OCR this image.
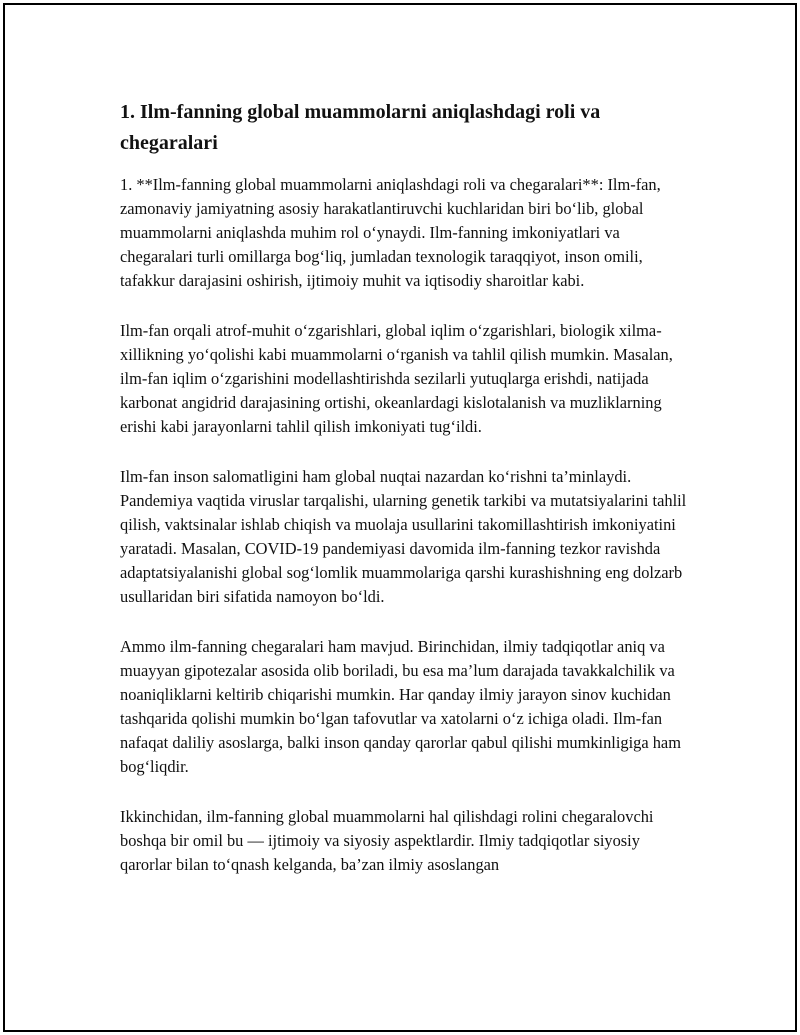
1. Ilm-fanning global muammolarni aniqlashdagi roli va chegaralari

1. **Ilm-fanning global muammolarni aniqlashdagi roli va chegaralari**: Ilm-fan, zamonaviy jamiyatning asosiy harakatlantiruvchi kuchlaridan biri bo‘lib, global muammolarni aniqlashda muhim rol o‘ynaydi. Ilm-fanning imkoniyatlari va chegaralari turli omillarga bog‘liq, jumladan texnologik taraqqiyot, inson omili, tafakkur darajasini oshirish, ijtimoiy muhit va iqtisodiy sharoitlar kabi.

Ilm-fan orqali atrof-muhit o‘zgarishlari, global iqlim o‘zgarishlari, biologik xilma-xillikning yo‘qolishi kabi muammolarni o‘rganish va tahlil qilish mumkin. Masalan, ilm-fan iqlim o‘zgarishini modellashtirishda sezilarli yutuqlarga erishdi, natijada karbonat angidrid darajasining ortishi, okeanlardagi kislotalanish va muzliklarning erishi kabi jarayonlarni tahlil qilish imkoniyati tug‘ildi.

Ilm-fan inson salomatligini ham global nuqtai nazardan ko‘rishni ta’minlaydi. Pandemiya vaqtida viruslar tarqalishi, ularning genetik tarkibi va mutatsiyalarini tahlil qilish, vaktsinalar ishlab chiqish va muolaja usullarini takomillashtirish imkoniyatini yaratadi. Masalan, COVID-19 pandemiyasi davomida ilm-fanning tezkor ravishda adaptatsiyalanishi global sog‘lomlik muammolariga qarshi kurashishning eng dolzarb usullaridan biri sifatida namoyon bo‘ldi.

Ammo ilm-fanning chegaralari ham mavjud. Birinchidan, ilmiy tadqiqotlar aniq va muayyan gipotezalar asosida olib boriladi, bu esa ma’lum darajada tavakkalchilik va noaniqliklarni keltirib chiqarishi mumkin. Har qanday ilmiy jarayon sinov kuchidan tashqarida qolishi mumkin bo‘lgan tafovutlar va xatolarni o‘z ichiga oladi. Ilm-fan nafaqat daliliy asoslarga, balki inson qanday qarorlar qabul qilishi mumkinligiga ham bog‘liqdir.

Ikkinchidan, ilm-fanning global muammolarni hal qilishdagi rolini chegaralovchi boshqa bir omil bu — ijtimoiy va siyosiy aspektlardir. Ilmiy tadqiqotlar siyosiy qarorlar bilan to‘qnash kelganda, ba’zan ilmiy asoslangan
